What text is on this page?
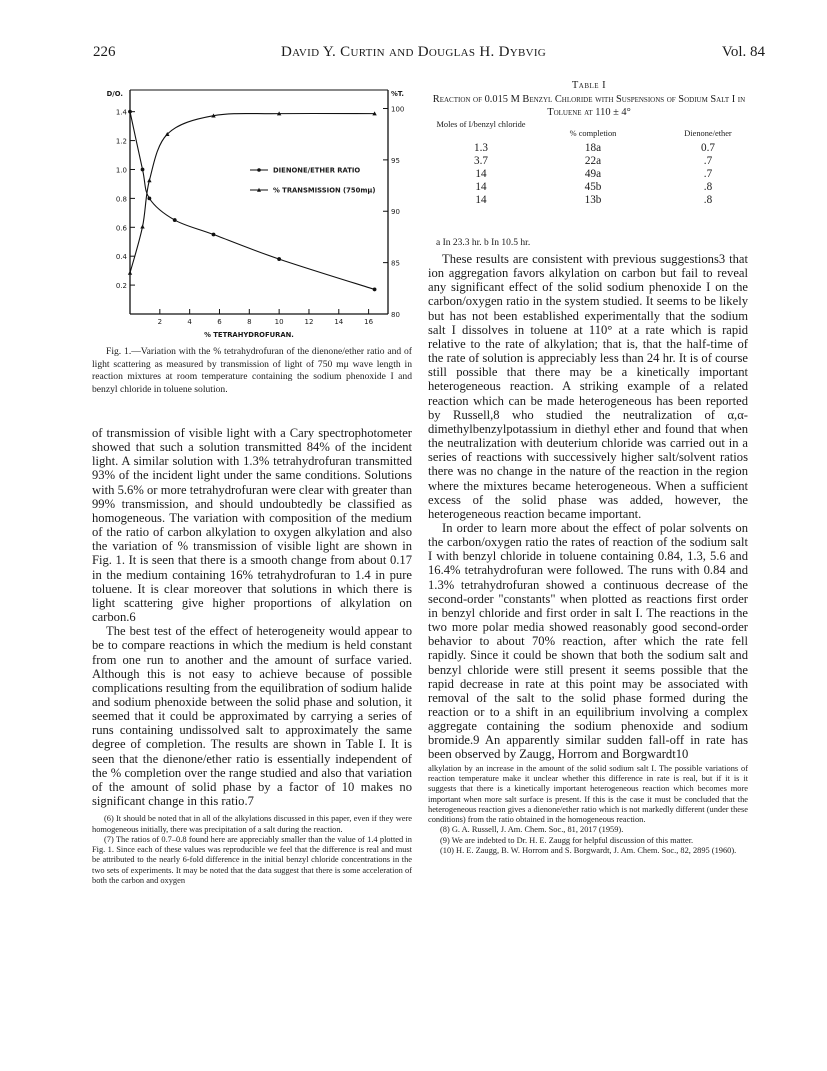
226	David Y. Curtin and Douglas H. Dybvig	Vol. 84
2	4	6	8	10	12	14	16
% TETRAHYDROFURAN.
0.2
0.4
0.6
0.8
1.0
1.2
1.4
D/O.
80
85
90
95
100
%T.
DIENONE/ETHER RATIO
% TRANSMISSION (750mμ)

Fig. 1.—Variation with the % tetrahydrofuran of the dienone/ether ratio and of light scattering as measured by transmission of light of 750 mμ wave length in reaction mixtures at room temperature containing the sodium phenoxide I and benzyl chloride in toluene solution.

Table I
Reaction of 0.015 M Benzyl Chloride with Suspensions of Sodium Salt I in Toluene at 110 ± 4°
Moles of I/benzyl chloride
% completion	Dienone/ether
1.3	18a	0.7
3.7	22a	.7
14	49a	.7
14	45b	.8
14	13b	.8
a In 23.3 hr. b In 10.5 hr.

of transmission of visible light with a Cary spectrophotometer showed that such a solution transmitted 84% of the incident light. A similar solution with 1.3% tetrahydrofuran transmitted 93% of the incident light under the same conditions. Solutions with 5.6% or more tetrahydrofuran were clear with greater than 99% transmission, and should undoubtedly be classified as homogeneous. The variation with composition of the medium of the ratio of carbon alkylation to oxygen alkylation and also the variation of % transmission of visible light are shown in Fig. 1. It is seen that there is a smooth change from about 0.17 in the medium containing 16% tetrahydrofuran to 1.4 in pure toluene. It is clear moreover that solutions in which there is light scattering give higher proportions of alkylation on carbon.6

The best test of the effect of heterogeneity would appear to be to compare reactions in which the medium is held constant from one run to another and the amount of surface varied. Although this is not easy to achieve because of possible complications resulting from the equilibration of sodium halide and sodium phenoxide between the solid phase and solution, it seemed that it could be approximated by carrying a series of runs containing undissolved salt to approximately the same degree of completion. The results are shown in Table I. It is seen that the dienone/ether ratio is essentially independent of the % completion over the range studied and also that variation of the amount of solid phase by a factor of 10 makes no significant change in this ratio.7

(6) It should be noted that in all of the alkylations discussed in this paper, even if they were homogeneous initially, there was precipitation of a salt during the reaction.

(7) The ratios of 0.7–0.8 found here are appreciably smaller than the value of 1.4 plotted in Fig. 1. Since each of these values was reproducible we feel that the difference is real and must be attributed to the nearly 6-fold difference in the initial benzyl chloride concentrations in the two sets of experiments. It may be noted that the data suggest that there is some acceleration of both the carbon and oxygen

These results are consistent with previous suggestions3 that ion aggregation favors alkylation on carbon but fail to reveal any significant effect of the solid sodium phenoxide I on the carbon/oxygen ratio in the system studied. It seems to be likely but has not been established experimentally that the sodium salt I dissolves in toluene at 110° at a rate which is rapid relative to the rate of alkylation; that is, that the half-time of the rate of solution is appreciably less than 24 hr. It is of course still possible that there may be a kinetically important heterogeneous reaction. A striking example of a related reaction which can be made heterogeneous has been reported by Russell,8 who studied the neutralization of α,α-dimethylbenzylpotassium in diethyl ether and found that when the neutralization with deuterium chloride was carried out in a series of reactions with successively higher salt/solvent ratios there was no change in the nature of the reaction in the region where the mixtures became heterogeneous. When a sufficient excess of the solid phase was added, however, the heterogeneous reaction became important.

In order to learn more about the effect of polar solvents on the carbon/oxygen ratio the rates of reaction of the sodium salt I with benzyl chloride in toluene containing 0.84, 1.3, 5.6 and 16.4% tetrahydrofuran were followed. The runs with 0.84 and 1.3% tetrahydrofuran showed a continuous decrease of the second-order "constants" when plotted as reactions first order in benzyl chloride and first order in salt I. The reactions in the two more polar media showed reasonably good second-order behavior to about 70% reaction, after which the rate fell rapidly. Since it could be shown that both the sodium salt and benzyl chloride were still present it seems possible that the rapid decrease in rate at this point may be associated with removal of the salt to the solid phase formed during the reaction or to a shift in an equilibrium involving a complex aggregate containing the sodium phenoxide and sodium bromide.9 An apparently similar sudden fall-off in rate has been observed by Zaugg, Horrom and Borgwardt10

alkylation by an increase in the amount of the solid sodium salt I. The possible variations of reaction temperature make it unclear whether this difference in rate is real, but if it is it suggests that there is a kinetically important heterogeneous reaction which becomes more important when more salt surface is present. If this is the case it must be concluded that the heterogeneous reaction gives a dienone/ether ratio which is not markedly different (under these conditions) from the ratio obtained in the homogeneous reaction.

(8) G. A. Russell, J. Am. Chem. Soc., 81, 2017 (1959).

(9) We are indebted to Dr. H. E. Zaugg for helpful discussion of this matter.

(10) H. E. Zaugg, B. W. Horrom and S. Borgwardt, J. Am. Chem. Soc., 82, 2895 (1960).
